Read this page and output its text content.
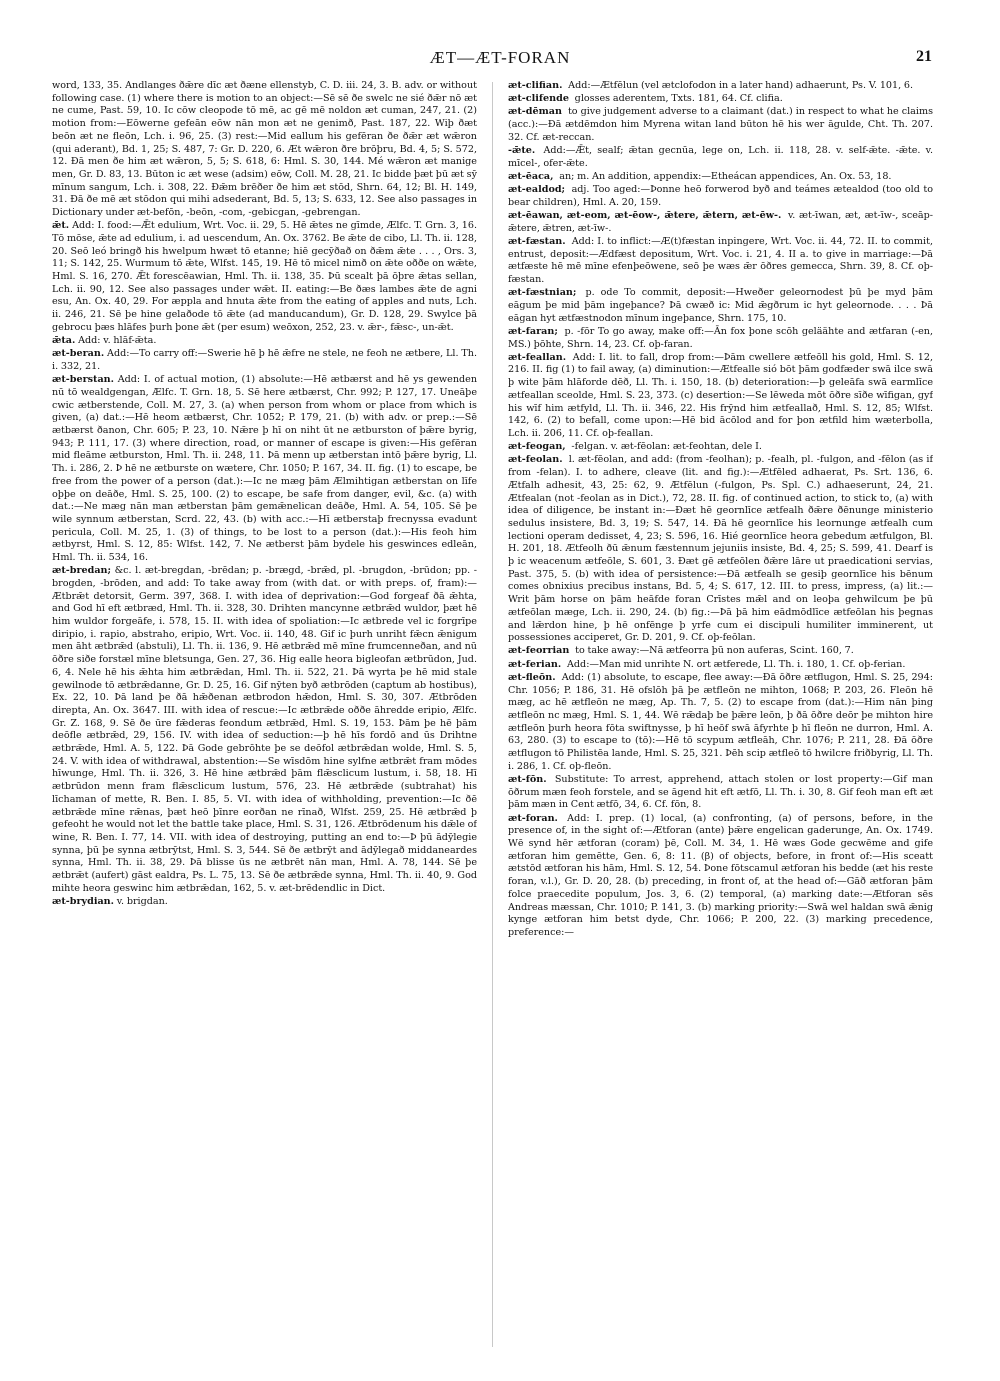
ÆT—ÆT-FORAN	21

word, 133, 35. Andlanges ðǣre dīc æt ðæne ellenstyb, C. D. iii. 24, 3. B. adv. or without following case. (1) where there is motion to an object:—Sē sē ðe swelc ne sié ðǣr nō æt ne cume, Past. 59, 10. Ic cōw cleopode tō mē, ac gē mē noldon æt cuman, 247, 21. (2) motion from:—Eōwerne gefeān eōw nān mon æt ne genimð, Past. 187, 22. Wiþ ðæt beōn æt ne fleōn, Lch. i. 96, 25. (3) rest:—Mid eallum his gefēran ðe ðǣr æt wǣron (qui aderant), Bd. 1, 25; S. 487, 7: Gr. D. 220, 6. Æt wǣron ðre brōþru, Bd. 4, 5; S. 572, 12. Ðā men ðe him æt wǣron, 5, 5; S. 618, 6: Hml. S. 30, 144. Mé wǣron æt manige men, Gr. D. 83, 13. Būton ic æt wese (adsim) eōw, Coll. M. 28, 21. Ic bidde þæt þū æt sȳ mīnum sangum, Lch. i. 308, 22. Ðǣm brēðer ðe him æt stōd, Shrn. 64, 12; Bl. H. 149, 31. Ðā ðe mē æt stōdon qui mihi adsederant, Bd. 5, 13; S. 633, 12. See also passages in Dictionary under æt-befōn, -beōn, -com, -gebicgan, -gebrengan.

ǣt. Add: I. food:—Ǣt edulium, Wrt. Voc. ii. 29, 5. Hē ǣtes ne gīmde, Ælfc. T. Grn. 3, 16. Tō mōse, ǣte ad edulium, i. ad uescendum, An. Ox. 3762. Be ǣte de cibo, Ll. Th. ii. 128, 20. Seō leó bringð his hwelpum hwæt tō etanne; hiē gecȳðað on ðǣm ǣte . . . , Ors. 3, 11; S. 142, 25. Wurmum tō ǣte, Wlfst. 145, 19. Hē tō micel nimð on ǣte oððe on wǣte, Hml. S. 16, 270. Ǣt forescēawian, Hml. Th. ii. 138, 35. Þū scealt þā ōþre ǣtas sellan, Lch. ii. 90, 12. See also passages under wǣt. II. eating:—Be ðæs lambes ǣte de agni esu, An. Ox. 40, 29. For æppla and hnuta ǣte from the eating of apples and nuts, Lch. ii. 246, 21. Sē þe hine gelaðode tō ǣte (ad manducandum), Gr. D. 128, 29. Swylce þā gebrocu þæs hlāfes þurh þone ǣt (per esum) weōxon, 252, 23. v. ǣr-, fǣsc-, un-ǣt.

ǣta. Add: v. hlāf-ǣta.

æt-beran. Add:—To carry off:—Swerie hē þ hē ǣfre ne stele, ne feoh ne ætbere, Ll. Th. i. 332, 21.

æt-berstan. Add: I. of actual motion, (1) absolute:—Hē ætbærst and hē ys gewenden nū tō wealdgengan, Ælfc. T. Grn. 18, 5. Sē here ætbærst, Chr. 992; P. 127, 17. Uneāþe cwic ætberstende, Coll. M. 27, 3. (a) when person from whom or place from which is given, (a) dat.:—Hē heom ætbærst, Chr. 1052; P. 179, 21. (b) with adv. or prep.:—Sē ætbærst ðanon, Chr. 605; P. 23, 10. Nǣre þ hī on niht ūt ne ætburston of þǣre byrig, 943; P. 111, 17. (3) where direction, road, or manner of escape is given:—His gefēran mid fleāme ætburston, Hml. Th. ii. 248, 11. Þā menn up ætberstan intō þǣre byrig, Ll. Th. i. 286, 2. Þ hē ne ætburste on wætere, Chr. 1050; P. 167, 34. II. fig. (1) to escape, be free from the power of a person (dat.):—Ic ne mæg þām Ælmihtigan ætberstan on līfe oþþe on deāðe, Hml. S. 25, 100. (2) to escape, be safe from danger, evil, &c. (a) with dat.:—Ne mæg nān man ætberstan þām gemǣnelican deāðe, Hml. A. 54, 105. Sē þe wile synnum ætberstan, Scrd. 22, 43. (b) with acc.:—Hī ætberstaþ frecnyssa evadunt pericula, Coll. M. 25, 1. (3) of things, to be lost to a person (dat.):—His feoh him ætbyrst, Hml. S. 12, 85: Wlfst. 142, 7. Ne ætberst þām bydele his geswinces edleān, Hml. Th. ii. 534, 16.

æt-bredan; &c. l. æt-bregdan, -brēdan; p. -brægd, -brǣd, pl. -brugdon, -brūdon; pp. -brogden, -brōden, and add: To take away from (with dat. or with preps. of, fram):—Ætbrǣt detorsit, Germ. 397, 368. I. with idea of deprivation:—God forgeaf ðā ǣhta, and God hī eft ætbræd, Hml. Th. ii. 328, 30. Drihten mancynne ætbrǣd wuldor, þæt hē him wuldor forgeāfe, i. 578, 15. II. with idea of spoliation:—Ic ætbrede vel ic forgrīpe diripio, i. rapio, abstraho, eripio, Wrt. Voc. ii. 140, 48. Gif ic þurh unriht fǣcn ǣnigum men āht ætbrǣd (abstuli), Ll. Th. ii. 136, 9. Hē ætbrǣd mē mīne frumcenneðan, and nū ōðre siðe forstæl mīne bletsunga, Gen. 27, 36. Hig ealle heora bigleofan ætbrūdon, Jud. 6, 4. Nele hē his ǣhta him ætbrǣdan, Hml. Th. ii. 522, 21. Þā wyrta þe hē mid stale gewilnode tō ætbrǣdanne, Gr. D. 25, 16. Gif nȳten byð ætbrōden (captum ab hostibus), Ex. 22, 10. Þā land þe ðā hǣðenan ætbrodon hǣdon, Hml. S. 30, 307. Ætbrōden direpta, An. Ox. 3647. III. with idea of rescue:—Ic ætbrǣde oððe āhredde eripio, Ælfc. Gr. Z. 168, 9. Sē ðe ūre fǣderas feondum ætbrǣd, Hml. S. 19, 153. Þām þe hē þām deōfle ætbrǣd, 29, 156. IV. with idea of seduction:—þ hē hīs fordō and ūs Drihtne ætbrǣde, Hml. A. 5, 122. Þā Gode gebrōhte þe se deōfol ætbrǣdan wolde, Hml. S. 5, 24. V. with idea of withdrawal, abstention:—Se wīsdōm hine sylfne ætbrǣt fram mōdes hīwunge, Hml. Th. ii. 326, 3. Hē hine ætbrǣd þām flǣsclicum lustum, i. 58, 18. Hī ætbrūdon menn fram flǣsclicum lustum, 576, 23. Hē ætbrǣde (subtrahat) his līchaman of mette, R. Ben. I. 85, 5. VI. with idea of withholding, prevention:—Ic ðē ætbrǣde mīne rǣnas, þæt heō þīnre eorðan ne rīnað, Wlfst. 259, 25. Hē ætbrǣd þ gefeoht he would not let the battle take place, Hml. S. 31, 126. Ætbrōdenum his dǣle of wine, R. Ben. I. 77, 14. VII. with idea of destroying, putting an end to:—Þ þū ādȳlegie synna, þū þe synna ætbrȳtst, Hml. S. 3, 544. Sē ðe ætbrȳt and ādȳlegað middaneardes synna, Hml. Th. ii. 38, 29. Þā blisse ūs ne ætbrēt nān man, Hml. A. 78, 144. Sē þe ætbrǣt (aufert) gāst ealdra, Ps. L. 75, 13. Sē ðe ætbrǣde synna, Hml. Th. ii. 40, 9. God mihte heora geswinc him ætbrǣdan, 162, 5. v. æt-brēdendlic in Dict.

æt-brydian. v. brigdan.

æt-clifian. Add:—Ætfēlun (vel ætclofodon in a later hand) adhaerunt, Ps. V. 101, 6.

æt-clifende glosses aderentem, Txts. 181, 64. Cf. clifia.

æt-dēman to give judgement adverse to a claimant (dat.) in respect to what he claims (acc.):—Ðā ætdēmdon him Myrena witan land būton hē his wer āgulde, Cht. Th. 207. 32. Cf. æt-reccan.

-ǣte. Add:—Ǣt, sealf; ǣtan gecnūa, lege on, Lch. ii. 118, 28. v. self-ǣte. -ǣte. v. mīcel-, ofer-ǣte.

æt-ēaca, an; m. An addition, appendix:—Etheácan appendices, An. Ox. 53, 18.

æt-ealdod; adj. Too aged:—Þonne heō forwerod byð and teámes ætealdod (too old to bear children), Hml. A. 20, 159.

æt-ēawan, æt-eom, æt-ēow-, ǣtere, ǣtern, æt-ēw-. v. æt-īwan, æt, æt-īw-, sceāp-ǣtere, ǣtren, æt-īw-.

æt-fæstan. Add: I. to inflict:—Æ(t)fæstan inpingere, Wrt. Voc. ii. 44, 72. II. to commit, entrust, deposit:—Ædfæst depositum, Wrt. Voc. i. 21, 4. II a. to give in marriage:—Þā ætfæste hē mē mīne efenþeōwene, seō þe wæs ǣr ōðres gemecca, Shrn. 39, 8. Cf. oþ-fæstan.

æt-fæstnian; p. ode To commit, deposit:—Hweðer geleornodest þū þe myd þām eāgum þe mid þām ingeþance? Þā cwæð ic: Mid ǣgðrum ic hyt geleornode. . . . Þā eāgan hyt ætfæstnodon mīnum ingeþance, Shrn. 175, 10.

æt-faran; p. -fōr To go away, make off:—Ān fox þone scōh geläähte and ætfaran (-en, MS.) þōhte, Shrn. 14, 23. Cf. oþ-faran.

æt-feallan. Add: I. lit. to fall, drop from:—Þām cwellere ætfeōll his gold, Hml. S. 12, 216. II. fig (1) to fail away, (a) diminution:—Ætfealle sió bōt þām godfæder swā ilce swā þ wite þām hlāforde dēð, Ll. Th. i. 150, 18. (b) deterioration:—þ geleāfa swā earmlīce ætfeallan sceolde, Hml. S. 23, 373. (c) desertion:—Se lēweda mōt ōðre sīðe wīfigan, gyf his wīf him ætfyld, Ll. Th. ii. 346, 22. His frȳnd him ætfeallað, Hml. S. 12, 85; Wlfst. 142, 6. (2) to befall, come upon:—Hē bid ācōlod and for þon ætfild him wæterbolla, Lch. ii. 206, 11. Cf. oþ-feallan.

æt-feogan, -felgan. v. æt-fēolan: æt-feohtan, dele I.

æt-feolan. l. æt-fēolan, and add: (from -feolhan); p. -fealh, pl. -fulgon, and -fēlon (as if from -felan). I. to adhere, cleave (lit. and fig.):—Ætfēled adhaerat, Ps. Srt. 136, 6. Ætfalh adhesit, 43, 25: 62, 9. Ætfēlun (-fulgon, Ps. Spl. C.) adhaeserunt, 24, 21. Ætfealan (not -feolan as in Dict.), 72, 28. II. fig. of continued action, to stick to, (a) with idea of diligence, be instant in:—Ðæt hē geornlīce ætfealh ðǣre ðēnunge ministerio sedulus insistere, Bd. 3, 19; S. 547, 14. Ðā hē geornlīce his leornunge ætfealh cum lectioni operam dedisset, 4, 23; S. 596, 16. Hié geornlīce heora gebedum ætfulgon, Bl. H. 201, 18. Ætfeolh ðū ǣnum fæstennum jejuniis insiste, Bd. 4, 25; S. 599, 41. Dearf is þ ic weacenum ætfeōle, S. 601, 3. Ðæt gē ætfeōlen ðǣre lāre ut praedicationi servias, Past. 375, 5. (b) with idea of persistence:—Ðā ætfealh se gesiþ geornlīce his bēnum comes obnixius precibus instans, Bd. 5, 4; S. 617, 12. III. to press, impress, (a) lit.:—Writ þām horse on þām heāfde foran Crīstes mǣl and on leoþa gehwilcum þe þū ætfeōlan mæge, Lch. ii. 290, 24. (b) fig.:—Þā þā him eādmōdlīce ætfeōlan his þegnas and lǣrdon hine, þ hē onfēnge þ yrfe cum ei discipuli humiliter imminerent, ut possessiones acciperet, Gr. D. 201, 9. Cf. oþ-feōlan.

æt-feorrian to take away:—Nā ætfeorra þū non auferas, Scint. 160, 7.

æt-ferian. Add:—Man mid unrihte N. ort ætferede, Ll. Th. i. 180, 1. Cf. oþ-ferian.

æt-fleōn. Add: (1) absolute, to escape, flee away:—Ðā ōðre ætflugon, Hml. S. 25, 294: Chr. 1056; P. 186, 31. Hē ofslōh þā þe ætfleōn ne mihton, 1068; P. 203, 26. Fleōn hē mæg, ac hē ætfleōn ne mæg, Ap. Th. 7, 5. (2) to escape from (dat.):—Him nān þing ætfleōn nc mæg, Hml. S. 1, 44. Wē rǣdaþ be þǣre leōn, þ ðā ōðre deōr þe mihton hire ætfleōn þurh heora fōta swiftnysse, þ hī heōf swā āfyrhte þ hī fleōn ne durron, Hml. A. 63, 280. (3) to escape to (tō):—Hē tō scypum ætfleāh, Chr. 1076; P. 211, 28. Ðā ōðre ætflugon tō Philistēa lande, Hml. S. 25, 321. Þēh scip ætfleō tō hwilcre friðbyrig, Ll. Th. i. 286, 1. Cf. oþ-fleōn.

æt-fōn. Substitute: To arrest, apprehend, attach stolen or lost property:—Gif man ōðrum mæn feoh forstele, and se āgend hit eft ætfō, Ll. Th. i. 30, 8. Gif feoh man eft æt þām mæn in Cent ætfō, 34, 6. Cf. fōn, 8.

æt-foran. Add: I. prep. (1) local, (a) confronting, (a) of persons, before, in the presence of, in the sight of:—Ætforan (ante) þǣre engelican gaderunge, An. Ox. 1749. Wē synd hēr ætforan (coram) þē, Coll. M. 34, 1. Hē wæs Gode gecwēme and gife ætforan him gemētte, Gen. 6, 8: 11. (β) of objects, before, in front of:—His sceatt ætstōd ætforan his hām, Hml. S. 12, 54. Þone fōtscamul ætforan his bedde (æt his reste foran, v.l.), Gr. D. 20, 28. (b) preceding, in front of, at the head of:—Gāð ætforan þām folce praecedite populum, Jos. 3, 6. (2) temporal, (a) marking date:—Ætforan sēs Andreas mæssan, Chr. 1010; P. 141, 3. (b) marking priority:—Swā wel haldan swā ǣnig kynge ætforan him betst dyde, Chr. 1066; P. 200, 22. (3) marking precedence, preference:—
